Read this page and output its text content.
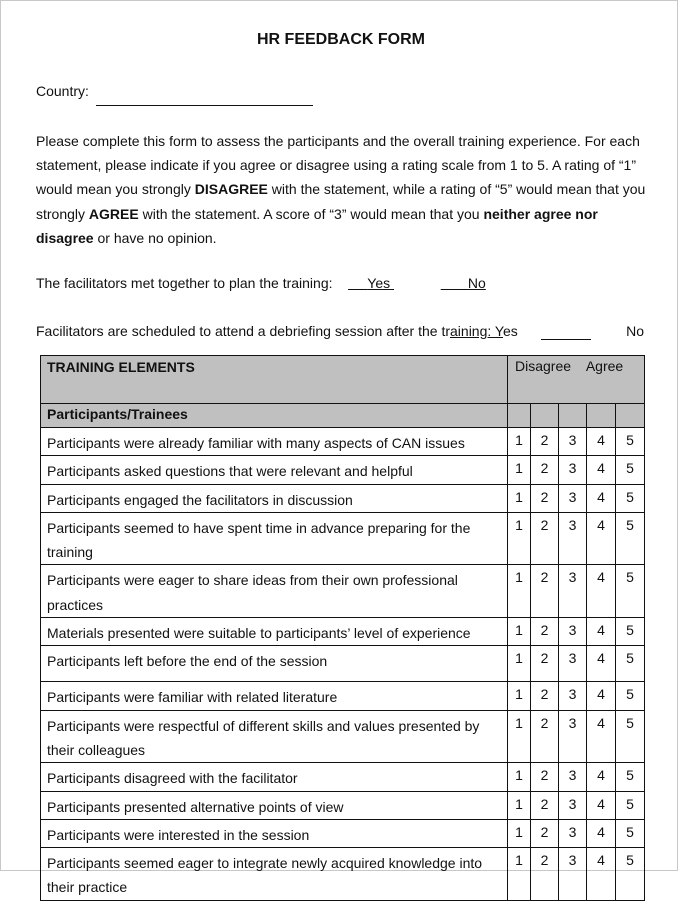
HR FEEDBACK FORM
Country:
Please complete this form to assess the participants and the overall training experience. For each statement, please indicate if you agree or disagree using a rating scale from 1 to 5. A rating of “1” would mean you strongly DISAGREE with the statement, while a rating of “5” would mean that you strongly AGREE with the statement. A score of “3” would mean that you neither agree nor disagree or have no opinion.
The facilitators met together to plan the training: Yes	No
Facilitators are scheduled to attend a debriefing session after the training: Yes	No
TRAINING ELEMENTS	Disagree    Agree				
Participants/Trainees					
Participants were already familiar with many aspects of CAN issues	1	2	3	4	5
Participants asked questions that were relevant and helpful	1	2	3	4	5
Participants engaged the facilitators in discussion	1	2	3	4	5
Participants seemed to have spent time in advance preparing for the training	1	2	3	4	5
Participants were eager to share ideas from their own professional practices	1	2	3	4	5
Materials presented were suitable to participants’ level of experience	1	2	3	4	5
Participants left before the end of the session	1	2	3	4	5
Participants were familiar with related literature	1	2	3	4	5
Participants were respectful of different skills and values presented by their colleagues	1	2	3	4	5
Participants disagreed with the facilitator	1	2	3	4	5
Participants presented alternative points of view	1	2	3	4	5
Participants were interested in the session	1	2	3	4	5
Participants seemed eager to integrate newly acquired knowledge into their practice	1	2	3	4	5
